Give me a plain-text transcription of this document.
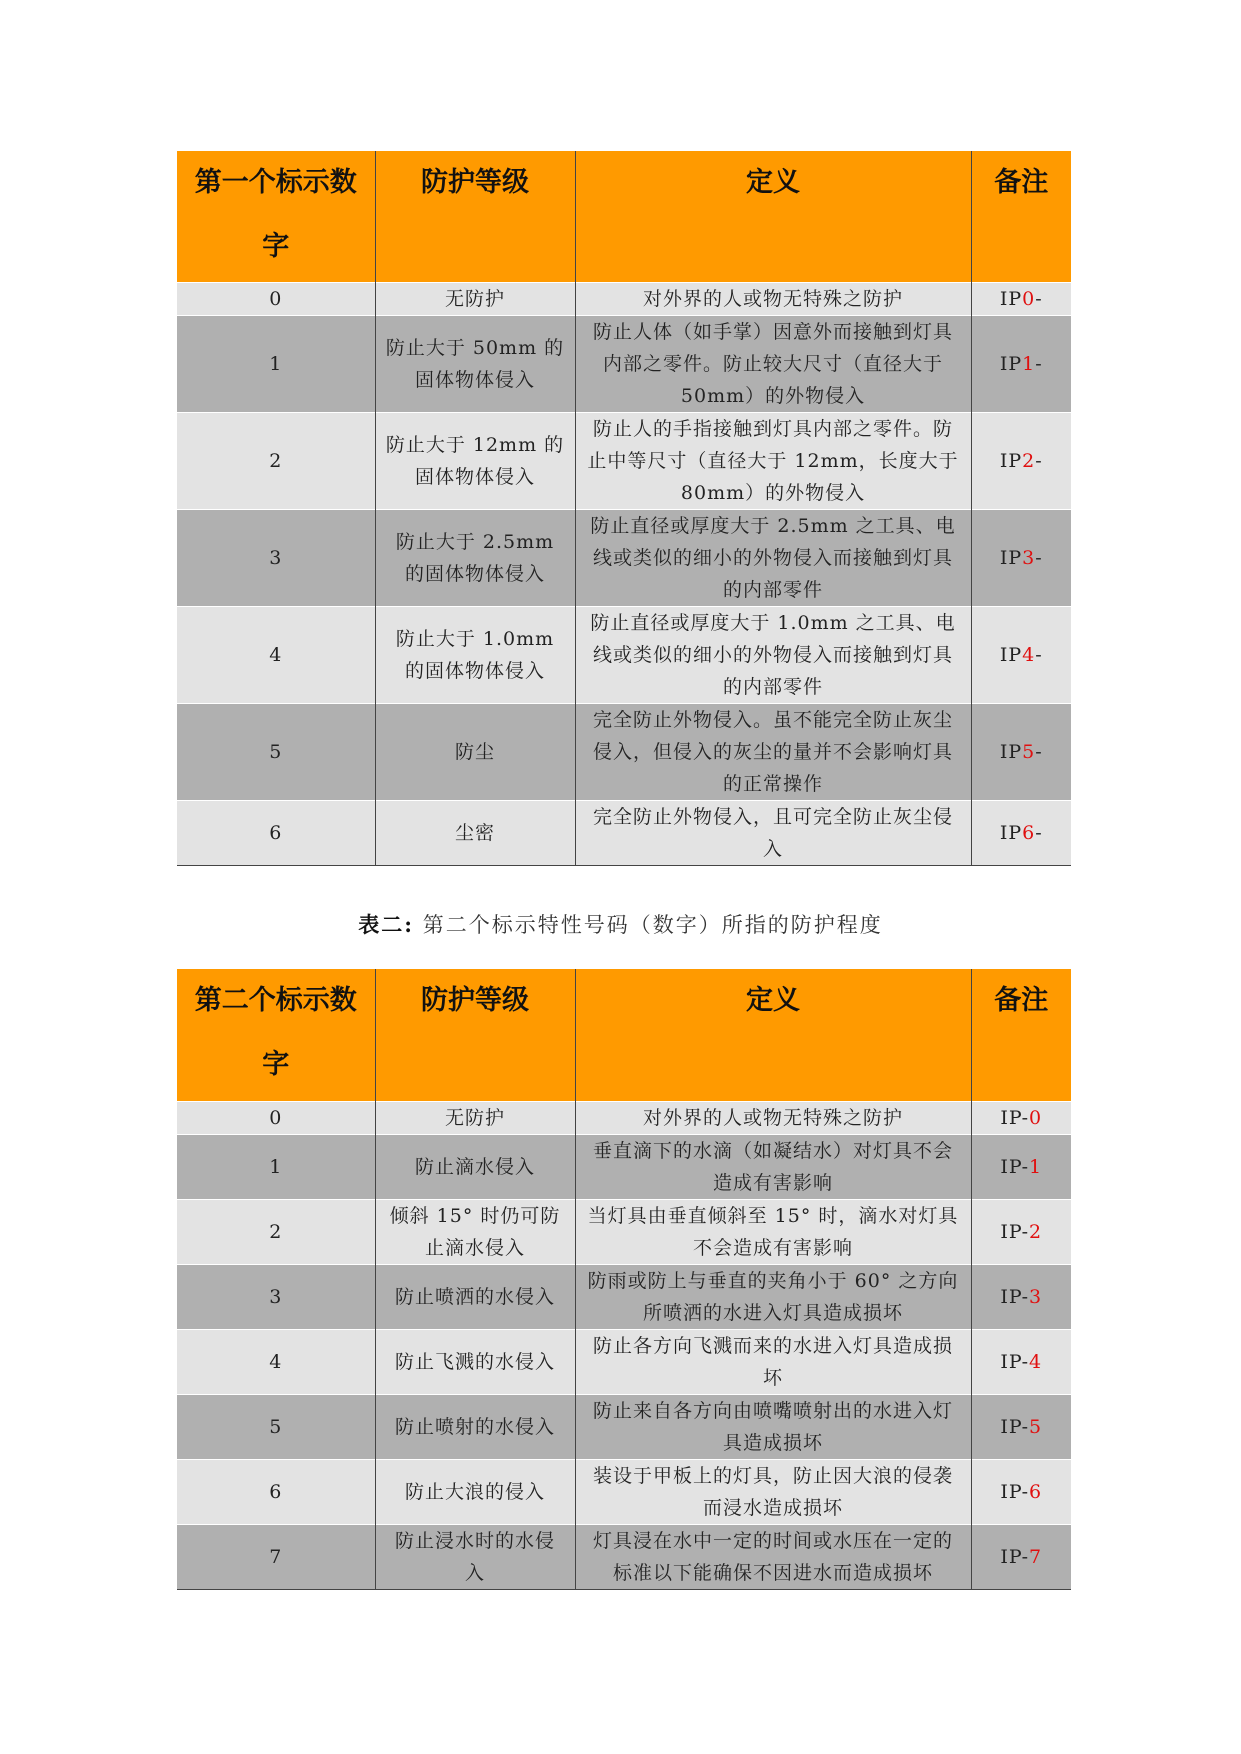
第一个标示数字	防护等级	定义	备注
0	无防护	对外界的人或物无特殊之防护	IP0-
1	防止大于 50mm 的固体物体侵入	防止人体（如手掌）因意外而接触到灯具内部之零件。防止较大尺寸（直径大于50mm）的外物侵入	IP1-
2	防止大于 12mm 的固体物体侵入	防止人的手指接触到灯具内部之零件。防止中等尺寸（直径大于 12mm，长度大于 80mm）的外物侵入	IP2-
3	防止大于 2.5mm 的固体物体侵入	防止直径或厚度大于 2.5mm 之工具、电线或类似的细小的外物侵入而接触到灯具的内部零件	IP3-
4	防止大于 1.0mm 的固体物体侵入	防止直径或厚度大于 1.0mm 之工具、电线或类似的细小的外物侵入而接触到灯具的内部零件	IP4-
5	防尘	完全防止外物侵入。虽不能完全防止灰尘侵入，但侵入的灰尘的量并不会影响灯具的正常操作	IP5-
6	尘密	完全防止外物侵入，且可完全防止灰尘侵入	IP6-
表二: 第二个标示特性号码（数字）所指的防护程度
第二个标示数字	防护等级	定义	备注
0	无防护	对外界的人或物无特殊之防护	IP-0
1	防止滴水侵入	垂直滴下的水滴（如凝结水）对灯具不会造成有害影响	IP-1
2	倾斜 15° 时仍可防止滴水侵入	当灯具由垂直倾斜至 15° 时，滴水对灯具不会造成有害影响	IP-2
3	防止喷洒的水侵入	防雨或防上与垂直的夹角小于 60° 之方向所喷洒的水进入灯具造成损坏	IP-3
4	防止飞溅的水侵入	防止各方向飞溅而来的水进入灯具造成损坏	IP-4
5	防止喷射的水侵入	防止来自各方向由喷嘴喷射出的水进入灯具造成损坏	IP-5
6	防止大浪的侵入	装设于甲板上的灯具，防止因大浪的侵袭而浸水造成损坏	IP-6
7	防止浸水时的水侵入	灯具浸在水中一定的时间或水压在一定的标准以下能确保不因进水而造成损坏	IP-7
